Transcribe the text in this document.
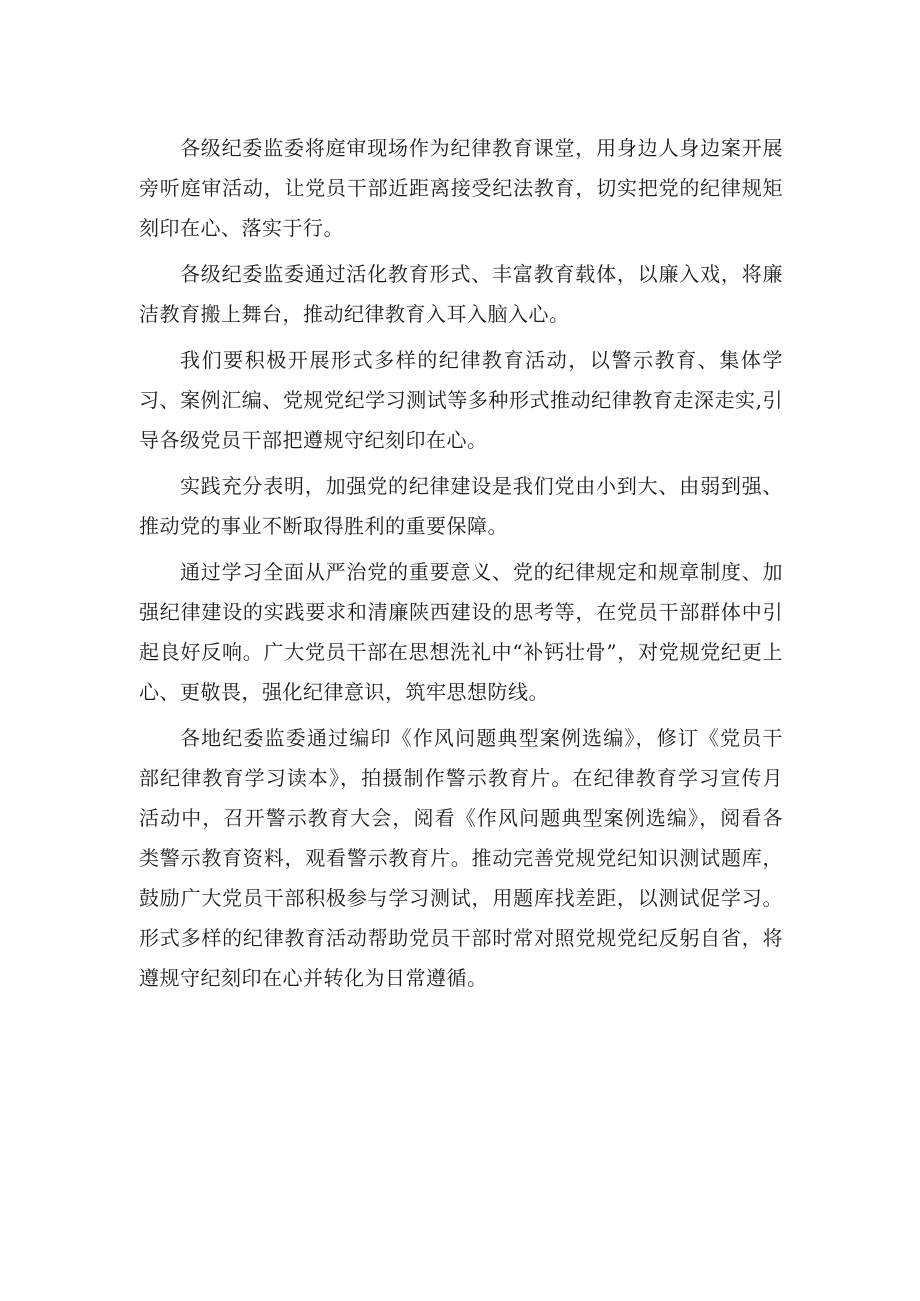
各级纪委监委将庭审现场作为纪律教育课堂，用身边人身边案开展旁听庭审活动，让党员干部近距离接受纪法教育，切实把党的纪律规矩刻印在心、落实于行。

各级纪委监委通过活化教育形式、丰富教育载体，以廉入戏，将廉洁教育搬上舞台，推动纪律教育入耳入脑入心。

我们要积极开展形式多样的纪律教育活动，以警示教育、集体学习、案例汇编、党规党纪学习测试等多种形式推动纪律教育走深走实,引导各级党员干部把遵规守纪刻印在心。

实践充分表明，加强党的纪律建设是我们党由小到大、由弱到强、推动党的事业不断取得胜利的重要保障。

通过学习全面从严治党的重要意义、党的纪律规定和规章制度、加强纪律建设的实践要求和清廉陕西建设的思考等，在党员干部群体中引起良好反响。广大党员干部在思想洗礼中“补钙壮骨”，对党规党纪更上心、更敬畏，强化纪律意识，筑牢思想防线。

各地纪委监委通过编印《作风问题典型案例选编》，修订《党员干部纪律教育学习读本》，拍摄制作警示教育片。在纪律教育学习宣传月活动中，召开警示教育大会，阅看《作风问题典型案例选编》，阅看各类警示教育资料，观看警示教育片。推动完善党规党纪知识测试题库，鼓励广大党员干部积极参与学习测试，用题库找差距，以测试促学习。形式多样的纪律教育活动帮助党员干部时常对照党规党纪反躬自省，将遵规守纪刻印在心并转化为日常遵循。
